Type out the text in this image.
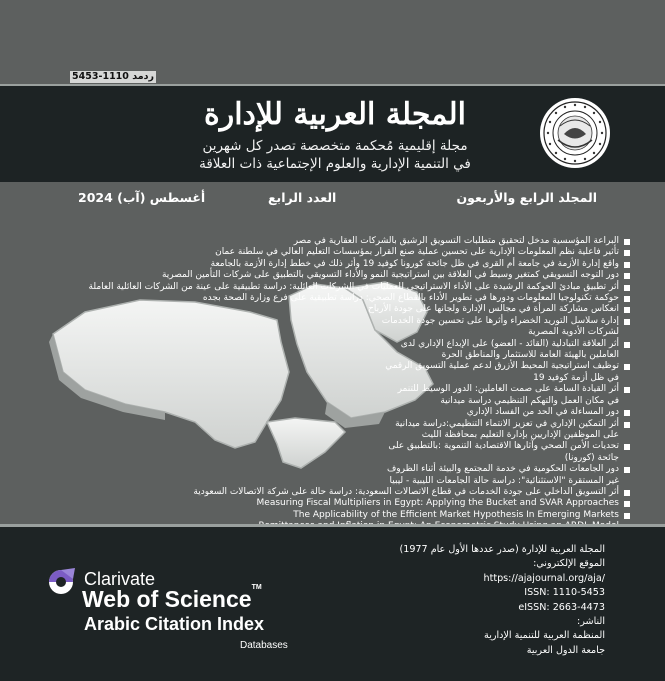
ردمد 1110-5453
المجلة العربية للإدارة
مجلة إقليمية مُحكمة متخصصة تصدر كل شهرين
في التنمية الإدارية والعلوم الإجتماعية ذات العلاقة
المجلد الرابع والأربعون
العدد الرابع
أغسطس (آب) 2024
البراعة المؤسسية مدخل لتحقيق متطلبات التسويق الرشيق بالشركات العقارية في مصر
تأثير فاعلية نظم المعلومات الإدارية على تحسين عملية صنع القرار بمؤسسات التعليم العالي في سلطنة عمان
واقع إدارة الأزمة في جامعة أم القرى في ظل جائحة كورونا كوفيد 19 وأثر ذلك في خطط إدارة الأزمة بالجامعة
دور التوجه التسويقي كمتغير وسيط في العلاقة بين استراتيجية النمو والأداء التسويقي بالتطبيق على شركات التأمين المصرية
أثر تطبيق مبادئ الحوكمة الرشيدة على الأداء الاستراتيجي للعمليات في الشركات العائلية: دراسة تطبيقية على عينة من الشركات العائلية العاملة
حوكمة تكنولوجيا المعلومات ودورها في تطوير الأداء بالقطاع الصحي: دراسة تطبيقية على فرع وزارة الصحة بجده
انعكاس مشاركة المرأة في مجالس الإدارة ولجانها على جودة الأرباح
إدارة سلاسل التوريد الخضراء وأثرها على تحسين جودة الخدمات لشركات الأدوية المصرية
أثر العلاقة التبادلية (القائد - العضو) على الإبداع الإداري لدى العاملين بالهيئة العامة للاستثمار والمناطق الحرة
توظيف استراتيجية المحيط الأزرق لدعم عملية التسويق الرقمي في ظل أزمة كوفيد 19
أثر القيادة السامة على صمت العاملين: الدور الوسيط للتنمر في مكان العمل والتهكم التنظيمي دراسة ميدانية
دور المساءلة في الحد من الفساد الإداري
أثر التمكين الإداري في تعزيز الانتماء التنظيمي:دراسة ميدانية على الموظفين الإداريين بإدارة التعليم بمحافظة الليث
تحديات الأمن الصحي وآثارها الاقتصادية التنموية :بالتطبيق على جائحة (كورونا)
دور الجامعات الحكومية في خدمة المجتمع والبيئة أثناء الظروف غير المستقرة "الاستثنائية": دراسة حالة الجامعات الليبية - ليبيا
أثر التسويق الداخلي على جودة الخدمات في قطاع الاتصالات السعودية: دراسة حالة على شركة الاتصالات السعودية
Measuring Fiscal Multipliers in Egypt: Applying the Bucket and SVAR Approaches
The Applicability of the Efficient Market Hypothesis In Emerging Markets
المجلة العربية للإدارة (صدر عددها الأول عام 1977)
الموقع الإلكتروني:
https://ajajournal.org/aja/
ISSN: 1110-5453
eISSN: 2663-4473
الناشر:
المنظمة العربية للتنمية الإدارية
جامعة الدول العربية
Clarivate
Web of Science™
Arabic Citation Index
Databases
